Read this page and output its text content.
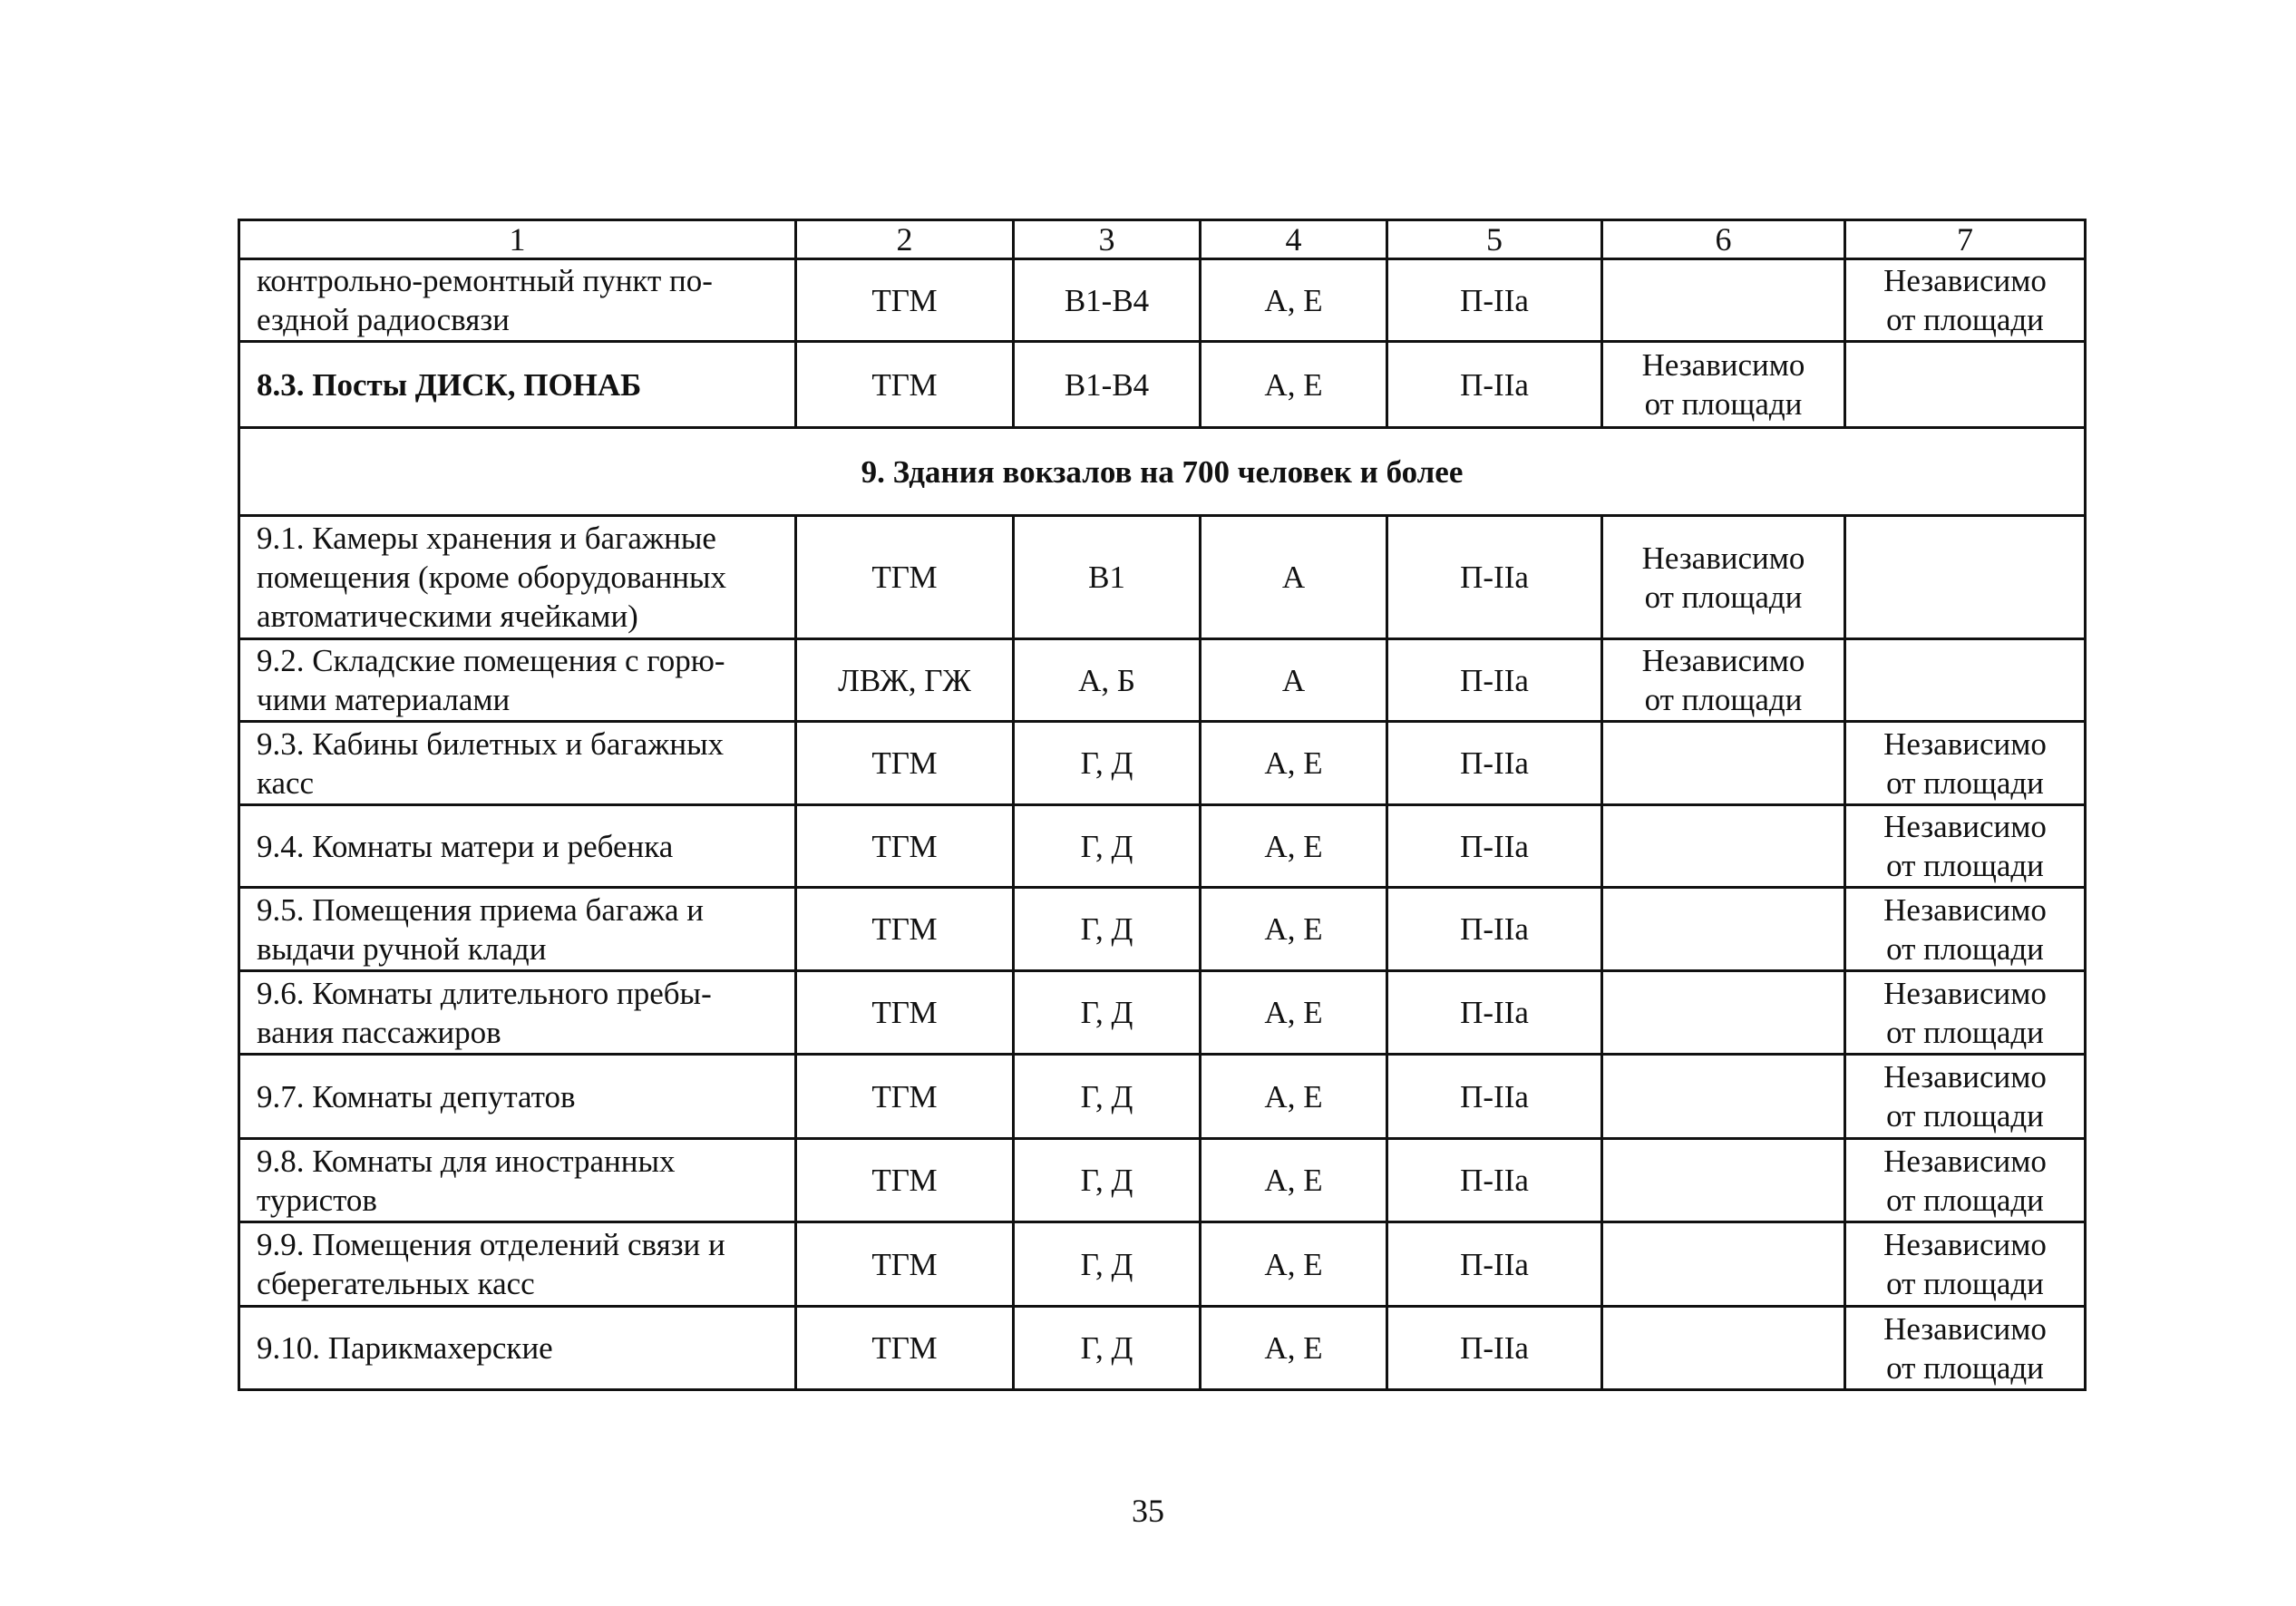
1	2	3	4	5	6	7
контрольно-ремонтный пункт по-
ездной радиосвязи	ТГМ	В1-В4	А, Е	П-IIа		Независимо
от площади
8.3. Посты ДИСК, ПОНАБ	ТГМ	В1-В4	А, Е	П-IIа	Независимо
от площади	
9. Здания вокзалов на 700 человек и более						
9.1. Камеры хранения и багажные
помещения (кроме оборудованных
автоматическими ячейками)	ТГМ	В1	А	П-IIа	Независимо
от площади	
9.2. Складские помещения с горю-
чими материалами	ЛВЖ, ГЖ	А, Б	А	П-IIа	Независимо
от площади	
9.3. Кабины билетных и багажных
касс	ТГМ	Г, Д	А, Е	П-IIа		Независимо
от площади
9.4. Комнаты матери и ребенка	ТГМ	Г, Д	А, Е	П-IIа		Независимо
от площади
9.5. Помещения приема багажа и
выдачи ручной клади	ТГМ	Г, Д	А, Е	П-IIа		Независимо
от площади
9.6. Комнаты длительного пребы-
вания пассажиров	ТГМ	Г, Д	А, Е	П-IIа		Независимо
от площади
9.7. Комнаты депутатов	ТГМ	Г, Д	А, Е	П-IIа		Независимо
от площади
9.8. Комнаты для иностранных
туристов	ТГМ	Г, Д	А, Е	П-IIа		Независимо
от площади
9.9. Помещения отделений связи и
сберегательных касс	ТГМ	Г, Д	А, Е	П-IIа		Независимо
от площади
9.10. Парикмахерские	ТГМ	Г, Д	А, Е	П-IIа		Независимо
от площади
35
